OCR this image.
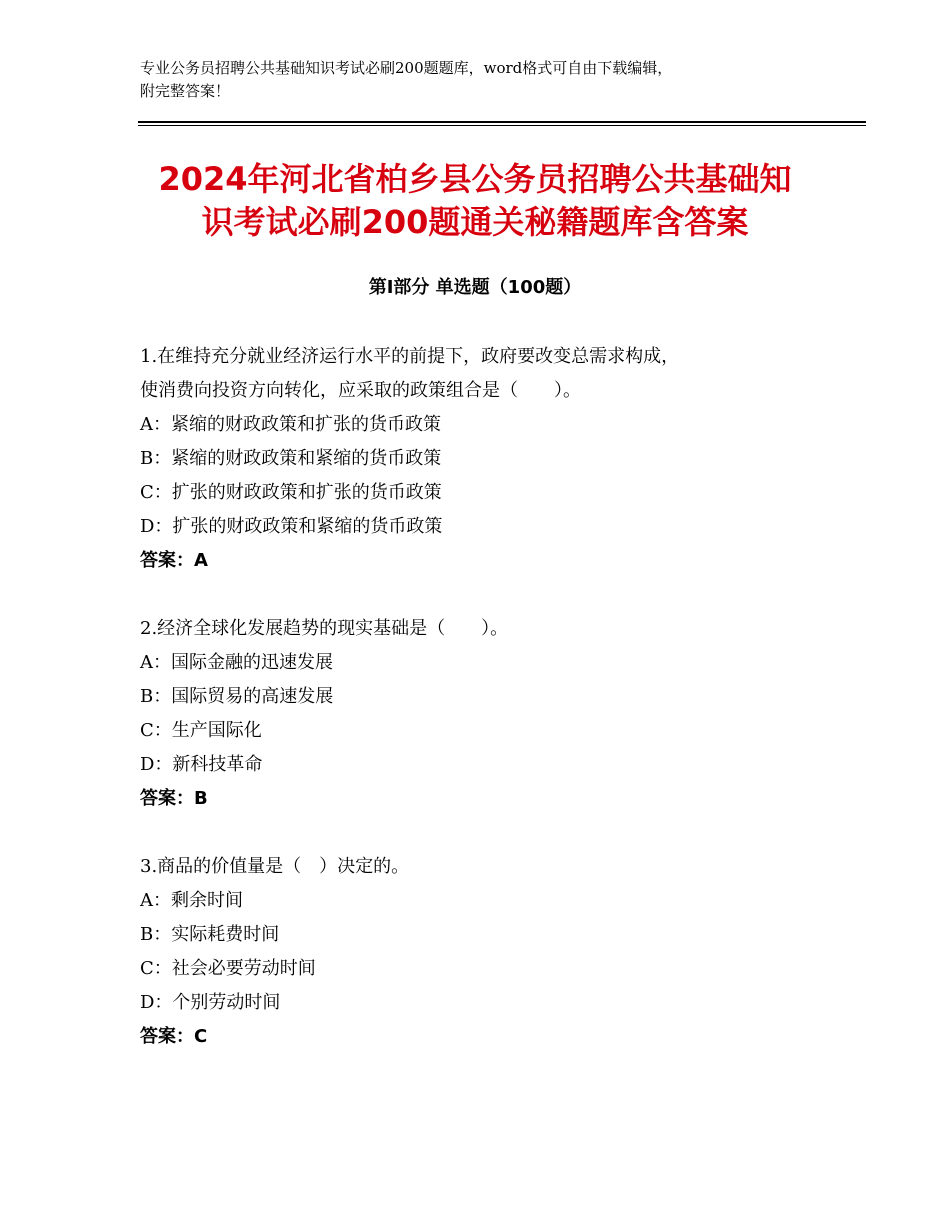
专业公务员招聘公共基础知识考试必刷200题题库，word格式可自由下载编辑，
附完整答案！
2024年河北省柏乡县公务员招聘公共基础知
识考试必刷200题通关秘籍题库含答案
第Ⅰ部分 单选题（100题）
1.在维持充分就业经济运行水平的前提下，政府要改变总需求构成，
使消费向投资方向转化，应采取的政策组合是（　　）。
A：紧缩的财政政策和扩张的货币政策
B：紧缩的财政政策和紧缩的货币政策
C：扩张的财政政策和扩张的货币政策
D：扩张的财政政策和紧缩的货币政策
答案：A
2.经济全球化发展趋势的现实基础是（　　）。
A：国际金融的迅速发展
B：国际贸易的高速发展
C：生产国际化
D：新科技革命
答案：B
3.商品的价值量是（　）决定的。
A：剩余时间
B：实际耗费时间
C：社会必要劳动时间
D：个别劳动时间
答案：C
